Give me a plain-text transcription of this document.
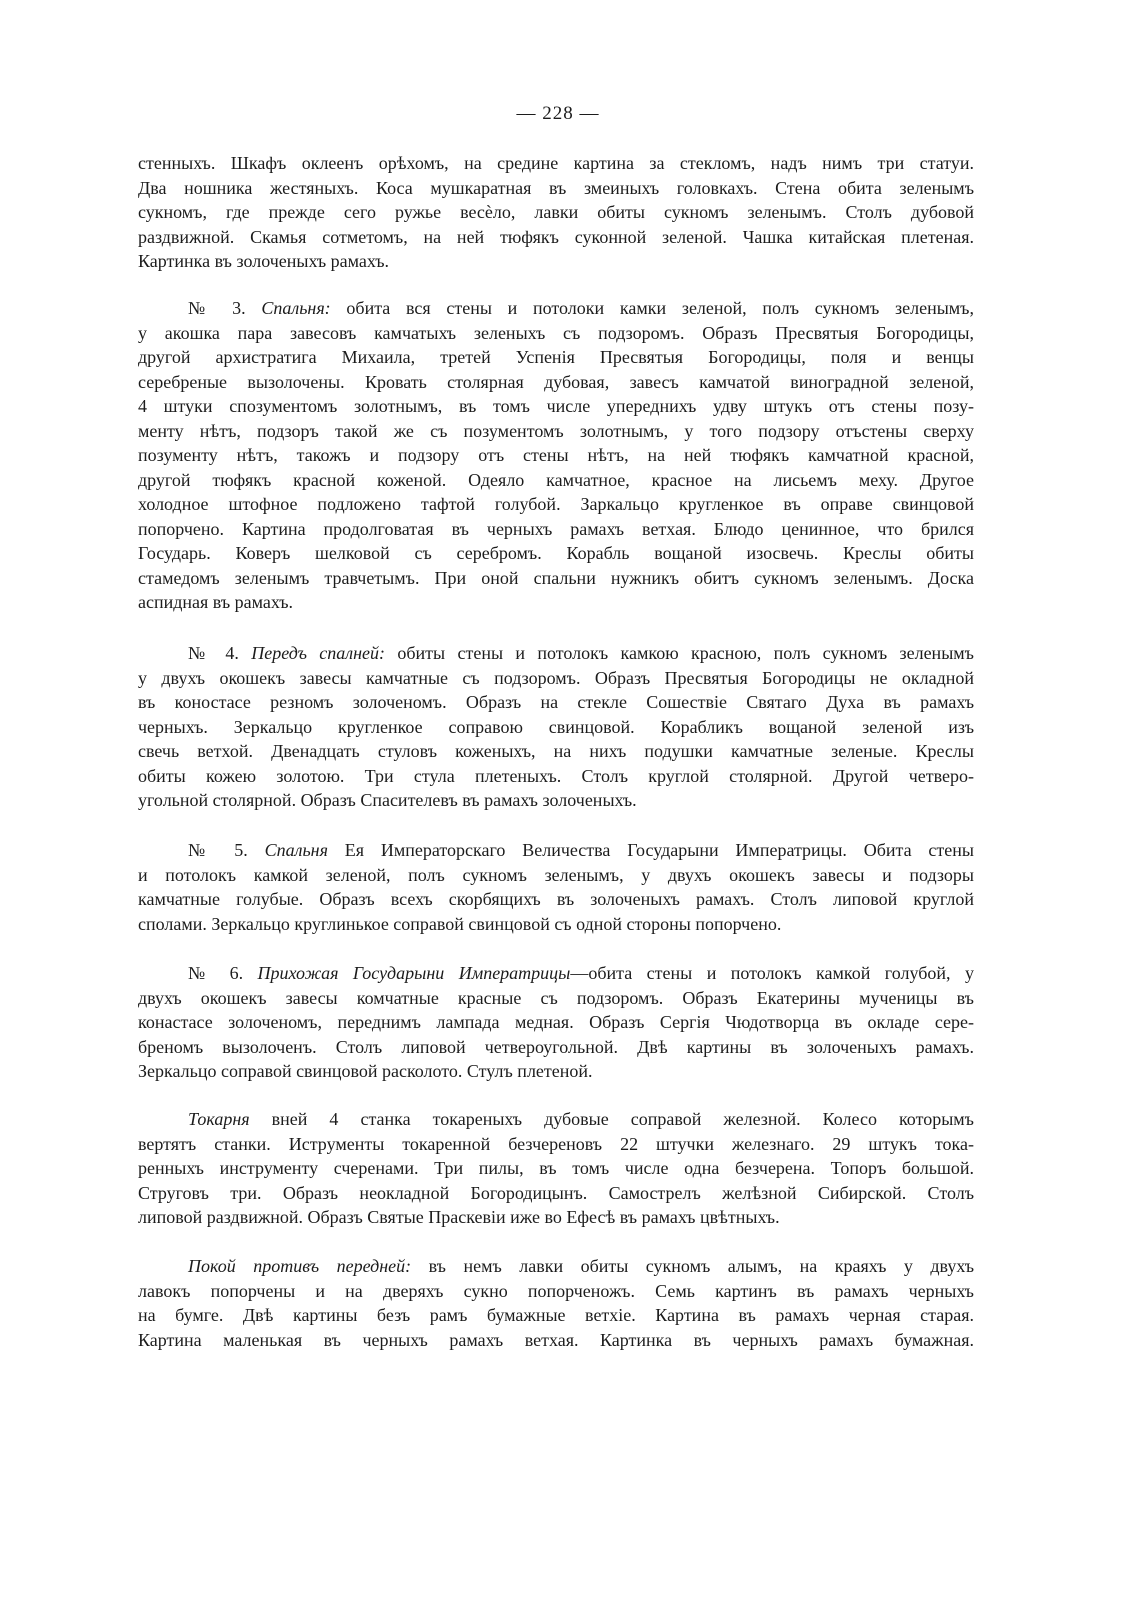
— 228 —
стенныхъ. Шкафъ оклеенъ орѣхомъ, на средине картина за стекломъ, надъ нимъ три статуи.
Два ношника жестяныхъ. Коса мушкаратная въ змеиныхъ головкахъ. Стена обита зеленымъ
сукномъ, где прежде сего ружье весѐло, лавки обиты сукномъ зеленымъ. Столъ дубовой
раздвижной. Скамья сотметомъ, на ней тюфякъ суконной зеленой. Чашка китайская плетеная.
Картинка въ золоченыхъ рамахъ.
№ 3. Спальня: обита вся стены и потолоки камки зеленой, полъ сукномъ зеленымъ,
у акошка пара завесовъ камчатыхъ зеленыхъ съ подзоромъ. Образъ Пресвятыя Богородицы,
другой архистратига Михаила, третей Успенія Пресвятыя Богородицы, поля и венцы
серебреные вызолочены. Кровать столярная дубовая, завесъ камчатой виноградной зеленой,
4 штуки спозументомъ золотнымъ, въ томъ числе упереднихъ удву штукъ отъ стены позу-
менту нѣтъ, подзоръ такой же съ позументомъ золотнымъ, у того подзору отъстены сверху
позументу нѣтъ, такожъ и подзору отъ стены нѣтъ, на ней тюфякъ камчатной красной,
другой тюфякъ красной коженой. Одеяло камчатное, красное на лисьемъ меху. Другое
холодное штофное подложено тафтой голубой. Заркальцо кругленкое въ оправе свинцовой
попорчено. Картина продолговатая въ черныхъ рамахъ ветхая. Блюдо ценинное, что брился
Государь. Коверъ шелковой съ серебромъ. Корабль вощаной изосвечь. Креслы обиты
стамедомъ зеленымъ травчетымъ. При оной спальни нужникъ обитъ сукномъ зеленымъ. Доска
аспидная въ рамахъ.
№ 4. Передъ спалней: обиты стены и потолокъ камкою красною, полъ сукномъ зеленымъ
у двухъ окошекъ завесы камчатные съ подзоромъ. Образъ Пресвятыя Богородицы не окладной
въ коностасе резномъ золоченомъ. Образъ на стекле Сошествіе Святаго Духа въ рамахъ
черныхъ. Зеркальцо кругленкое соправою свинцовой. Корабликъ вощаной зеленой изъ
свечь ветхой. Двенадцать стуловъ коженыхъ, на нихъ подушки камчатные зеленые. Креслы
обиты кожею золотою. Три стула плетеныхъ. Столъ круглой столярной. Другой четверо-
угольной столярной. Образъ Спасителевъ въ рамахъ золоченыхъ.
№ 5. Спальня Ея Императорскаго Величества Государыни Императрицы. Обита стены
и потолокъ камкой зеленой, полъ сукномъ зеленымъ, у двухъ окошекъ завесы и подзоры
камчатные голубые. Образъ всехъ скорбящихъ въ золоченыхъ рамахъ. Столъ липовой круглой
сполами. Зеркальцо круглинькое соправой свинцовой съ одной стороны попорчено.
№ 6. Прихожая Государыни Императрицы—обита стены и потолокъ камкой голубой, у
двухъ окошекъ завесы комчатные красные съ подзоромъ. Образъ Екатерины мученицы въ
конастасе золоченомъ, переднимъ лампада медная. Образъ Сергія Чюдотворца въ окладе сере-
бреномъ вызолоченъ. Столъ липовой четвероугольной. Двѣ картины въ золоченыхъ рамахъ.
Зеркальцо соправой свинцовой расколото. Стулъ плетеной.
Токарня вней 4 станка токареныхъ дубовые соправой железной. Колесо которымъ
вертятъ станки. Иструменты токаренной безчереновъ 22 штучки железнаго. 29 штукъ тока-
ренныхъ инструменту счеренами. Три пилы, въ томъ числе одна безчерена. Топоръ большой.
Струговъ три. Образъ неокладной Богородицынъ. Самострелъ желѣзной Сибирской. Столъ
липовой раздвижной. Образъ Святые Праскевіи иже во Ефесѣ въ рамахъ цвѣтныхъ.
Покой противъ передней: въ немъ лавки обиты сукномъ алымъ, на краяхъ у двухъ
лавокъ попорчены и на дверяхъ сукно попорченожъ. Семь картинъ въ рамахъ черныхъ
на бумге. Двѣ картины безъ рамъ бумажные ветхіе. Картина въ рамахъ черная старая.
Картина маленькая въ черныхъ рамахъ ветхая. Картинка въ черныхъ рамахъ бумажная.
